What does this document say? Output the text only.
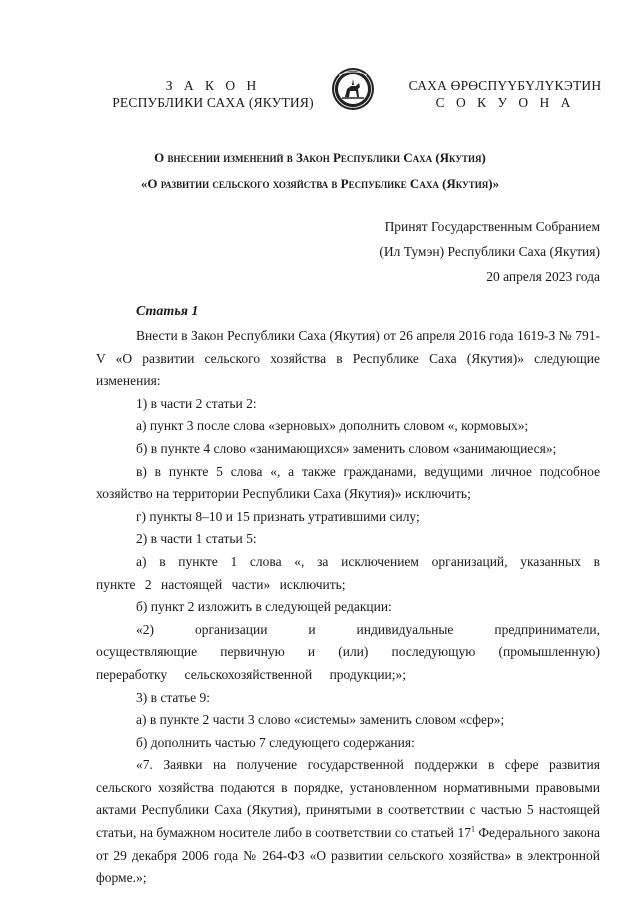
З А К О Н
РЕСПУБЛИКИ САХА (ЯКУТИЯ)
САХА ӨРӨСПҮҮБҮЛҮКЭТИН
С О К У О Н А
О внесении изменений в Закон Республики Саха (Якутия)
«О развитии сельского хозяйства в Республике Саха (Якутия)»
Принят Государственным Собранием
(Ил Тумэн) Республики Саха (Якутия)
20 апреля 2023 года
Статья 1

Внести в Закон Республики Саха (Якутия) от 26 апреля 2016 года 1619-З № 791-V «О развитии сельского хозяйства в Республике Саха (Якутия)» следующие изменения:

1) в части 2 статьи 2:

а) пункт 3 после слова «зерновых» дополнить словом «, кормовых»;

б) в пункте 4 слово «занимающихся» заменить словом «занимающиеся»;

в) в пункте 5 слова «, а также гражданами, ведущими личное подсобное хозяйство на территории Республики Саха (Якутия)» исключить;

г) пункты 8–10 и 15 признать утратившими силу;

2) в части 1 статьи 5:

а) в пункте 1 слова «, за исключением организаций, указанных в пункте 2 настоящей части» исключить;

б) пункт 2 изложить в следующей редакции:

«2) организации и индивидуальные предприниматели, осуществляющие первичную и (или) последующую (промышленную) переработку сельскохозяйственной продукции;»;

3) в статье 9:

а) в пункте 2 части 3 слово «системы» заменить словом «сфер»;

б) дополнить частью 7 следующего содержания:

«7. Заявки на получение государственной поддержки в сфере развития сельского хозяйства подаются в порядке, установленном нормативными правовыми актами Республики Саха (Якутия), принятыми в соответствии с частью 5 настоящей статьи, на бумажном носителе либо в соответствии со статьей $17^1$ Федерального закона от 29 декабря 2006 года № 264-ФЗ «О развитии сельского хозяйства» в электронной форме.»;
